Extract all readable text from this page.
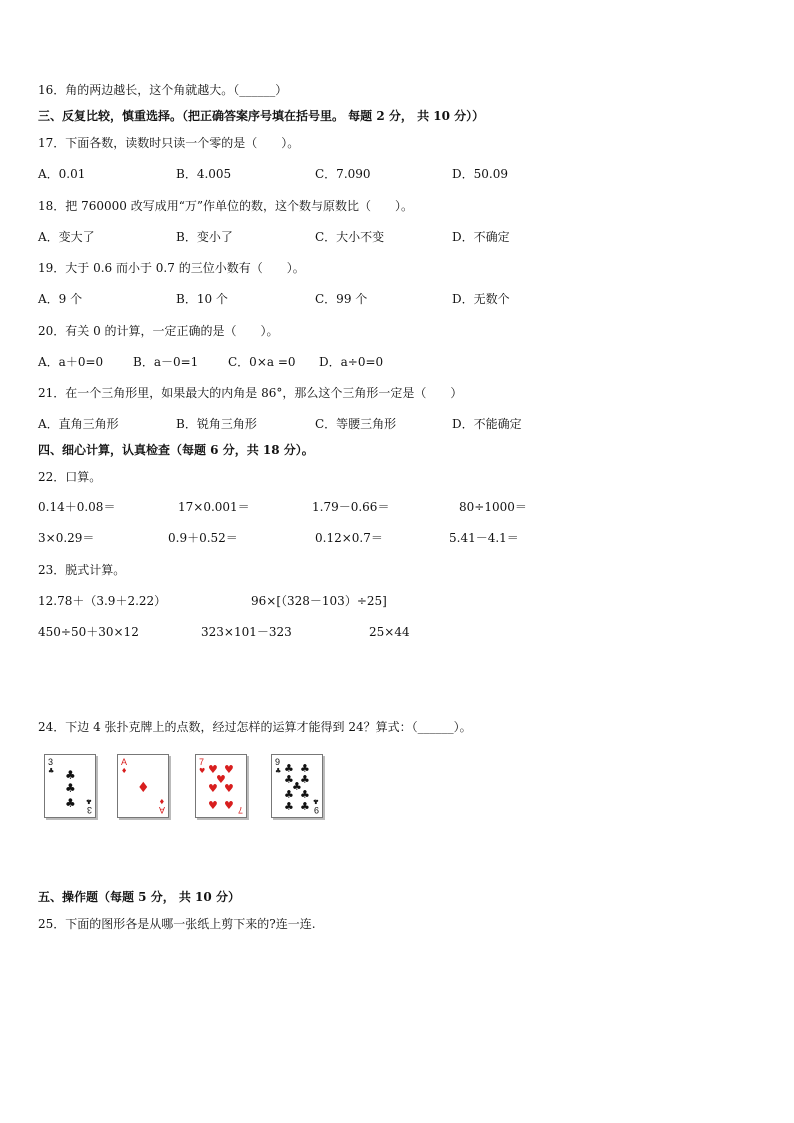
16．角的两边越长，这个角就越大。（______）
三、反复比较，慎重选择。（把正确答案序号填在括号里。 每题 2 分， 共 10 分））
17．下面各数，读数时只读一个零的是（　　）。
A．0.01	B．4.005	C．7.090	D．50.09
18．把 760000 改写成用“万”作单位的数，这个数与原数比（　　）。
A．变大了	B．变小了	C．大小不变	D．不确定
19．大于 0.6 而小于 0.7 的三位小数有（　　）。
A．9 个	B．10 个	C．99 个	D．无数个
20．有关 0 的计算，一定正确的是（　　）。
A．a＋0=0 B．a－0=1 C．0×a =0 D．a÷0=0
21．在一个三角形里，如果最大的内角是 86°，那么这个三角形一定是（　　）
A．直角三角形	B．锐角三角形	C．等腰三角形	D．不能确定
四、细心计算，认真检查（每题 6 分，共 18 分）。
22．口算。
0.14＋0.08＝	17×0.001＝	1.79－0.66＝	80÷1000＝
3×0.29＝	0.9＋0.52＝	0.12×0.7＝	5.41－4.1＝
23．脱式计算。
12.78＋（3.9＋2.22）	96×[（328－103）÷25]
450÷50＋30×12	323×101－323	25×44
24．下边 4 张扑克牌上的点数，经过怎样的运算才能得到 24？算式：（______）。
3
♣ ♣
♣
♣ 3
♣
A
♦
♦
A
♦
7
♥ ♥ ♥
♥
♥ ♥
♥ ♥ 7
9
♣ ♣ ♣
♣ ♣
♣
♣ ♣
♣ ♣ 9
♣
五、操作题（每题 5 分， 共 10 分）
25．下面的图形各是从哪一张纸上剪下来的?连一连.
